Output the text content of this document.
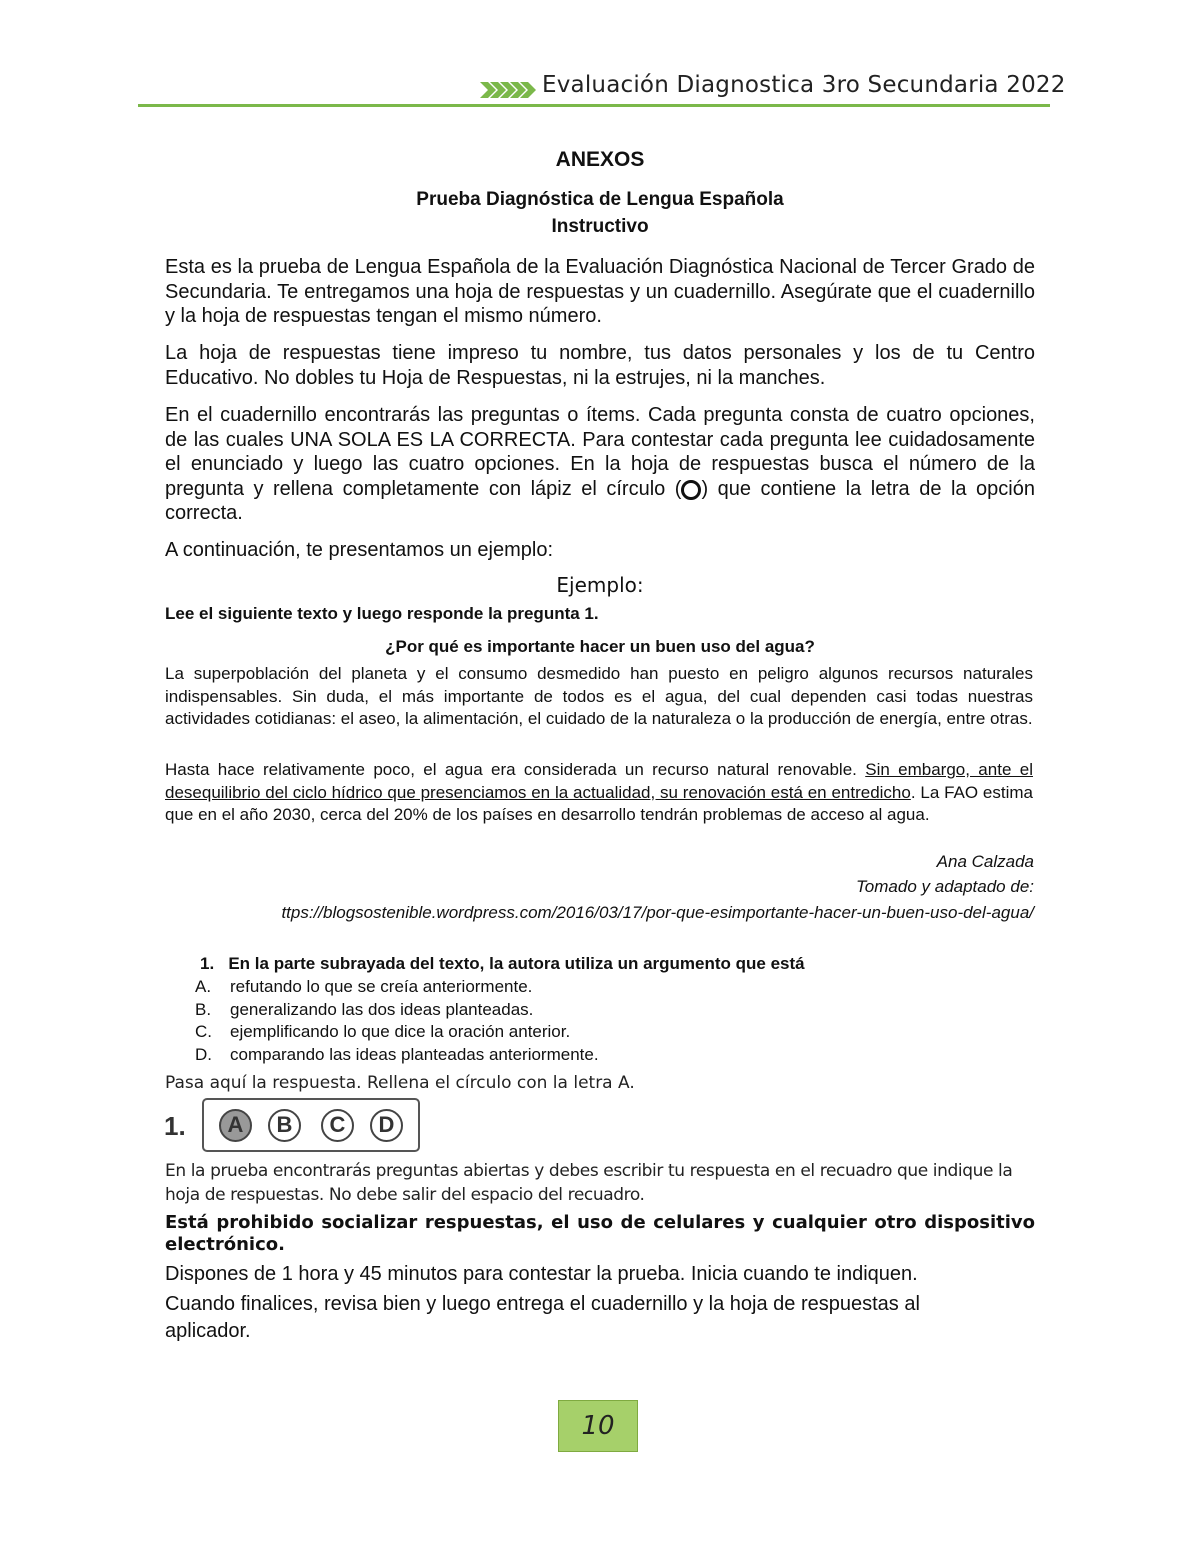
Evaluación Diagnostica 3ro Secundaria 2022
ANEXOS
Prueba Diagnóstica de Lengua Española
Instructivo
Esta es la prueba de Lengua Española de la Evaluación Diagnóstica Nacional de Tercer Grado de Secundaria. Te entregamos una hoja de respuestas y un cuadernillo. Asegúrate que el cuadernillo y la hoja de respuestas tengan el mismo número.
La hoja de respuestas tiene impreso tu nombre, tus datos personales y los de tu Centro Educativo. No dobles tu Hoja de Respuestas, ni la estrujes, ni la manches.
En el cuadernillo encontrarás las preguntas o ítems. Cada pregunta consta de cuatro opciones, de las cuales UNA SOLA ES LA CORRECTA. Para contestar cada pregunta lee cuidadosamente el enunciado y luego las cuatro opciones. En la hoja de respuestas busca el número de la pregunta y rellena completamente con lápiz el círculo ( ) que contiene la letra de la opción correcta.
A continuación, te presentamos un ejemplo:
Ejemplo:
Lee el siguiente texto y luego responde la pregunta 1.
¿Por qué es importante hacer un buen uso del agua?
La superpoblación del planeta y el consumo desmedido han puesto en peligro algunos recursos naturales indispensables. Sin duda, el más importante de todos es el agua, del cual dependen casi todas nuestras actividades cotidianas: el aseo, la alimentación, el cuidado de la naturaleza o la producción de energía, entre otras.
Hasta hace relativamente poco, el agua era considerada un recurso natural renovable. Sin embargo, ante el desequilibrio del ciclo hídrico que presenciamos en la actualidad, su renovación está en entredicho. La FAO estima que en el año 2030, cerca del 20% de los países en desarrollo tendrán problemas de acceso al agua.
Ana Calzada
Tomado y adaptado de:
ttps://blogsostenible.wordpress.com/2016/03/17/por-que-esimportante-hacer-un-buen-uso-del-agua/
1.   En la parte subrayada del texto, la autora utiliza un argumento que está
A. refutando lo que se creía anteriormente.
B. generalizando las dos ideas planteadas.
C. ejemplificando lo que dice la oración anterior.
D. comparando las ideas planteadas anteriormente.
Pasa aquí la respuesta. Rellena el círculo con la letra A.
1.	A	B	C	D
En la prueba encontrarás preguntas abiertas y debes escribir tu respuesta en el recuadro que indique la hoja de respuestas. No debe salir del espacio del recuadro.
Está prohibido socializar respuestas, el uso de celulares y cualquier otro dispositivo electrónico.
Dispones de 1 hora y 45 minutos para contestar la prueba. Inicia cuando te indiquen.
Cuando finalices, revisa bien y luego entrega el cuadernillo y la hoja de respuestas al aplicador.
10
